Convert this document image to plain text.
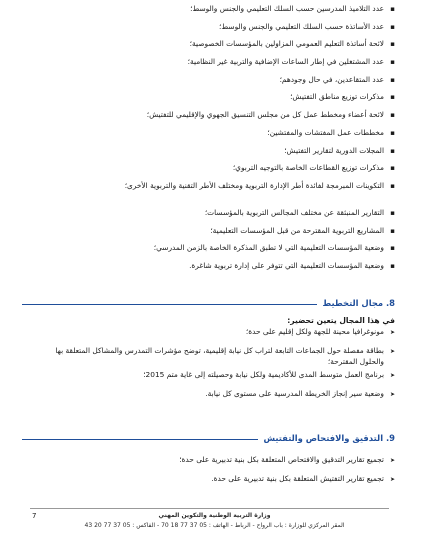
▪ عدد التلاميذ المدرسين حسب السلك التعليمي والجنس والوسط؛
▪ عدد الأساتذة حسب السلك التعليمي والجنس والوسط؛
▪ لائحة أساتذة التعليم العمومي المزاولين بالمؤسسات الخصوصية؛
▪ عدد المشتغلين في إطار الساعات الإضافية والتربية غير النظامية؛
▪ عدد المتقاعدين، في حال وجودهم؛
▪ مذكرات توزيع مناطق التفتيش؛
▪ لائحة أعضاء ومخطط عمل كل من مجلس التنسيق الجهوي والإقليمي للتفتيش؛
▪ مخططات عمل المفتشات والمفتشين؛
▪ المجلات الدورية لتقارير التفتيش؛
▪ مذكرات توزيع القطاعات الخاصة بالتوجيه التربوي؛
▪ التكوينات المبرمجة لفائدة أطر الإدارة التربوية ومختلف الأطر التقنية والتربوية الأخرى؛
▪ التقارير المنبثقة عن مختلف المجالس التربوية بالمؤسسات؛
▪ المشاريع التربوية المقترحة من قبل المؤسسات التعليمية؛
▪ وضعية المؤسسات التعليمية التي لا تطبق المذكرة الخاصة بالزمن المدرسي؛
▪ وضعية المؤسسات التعليمية التي تتوفر على إدارة تربوية شاغرة.
8. مجال التخطيط
في هذا المجال يتعين تحضير:
➤ مونوغرافيا محينة للجهة ولكل إقليم على حدة؛
➤ بطاقة مفصلة حول الجماعات التابعة لتراب كل نيابة إقليمية، توضح مؤشرات التمدرس والمشاكل المتعلقة بها والحلول المقترحة؛
➤ برنامج العمل متوسط المدى للأكاديمية ولكل نيابة وحصيلته إلى غاية متم 2015؛
➤ وضعية سير إنجاز الخريطة المدرسية على مستوى كل نيابة.
9. التدقيق والافتحاص والتفتيش
➤ تجميع تقارير التدقيق والافتحاص المتعلقة بكل بنية تدبيرية على حدة؛
➤ تجميع تقارير التفتيش المتعلقة بكل بنية تدبيرية على حدة.
7	وزارة التربية الوطنية والتكوين المهني
المقر المركزي للوزارة : باب الرواح - الرباط - الهاتف : 05 37 77 18 70 - الفاكس : 05 37 77 20 43
